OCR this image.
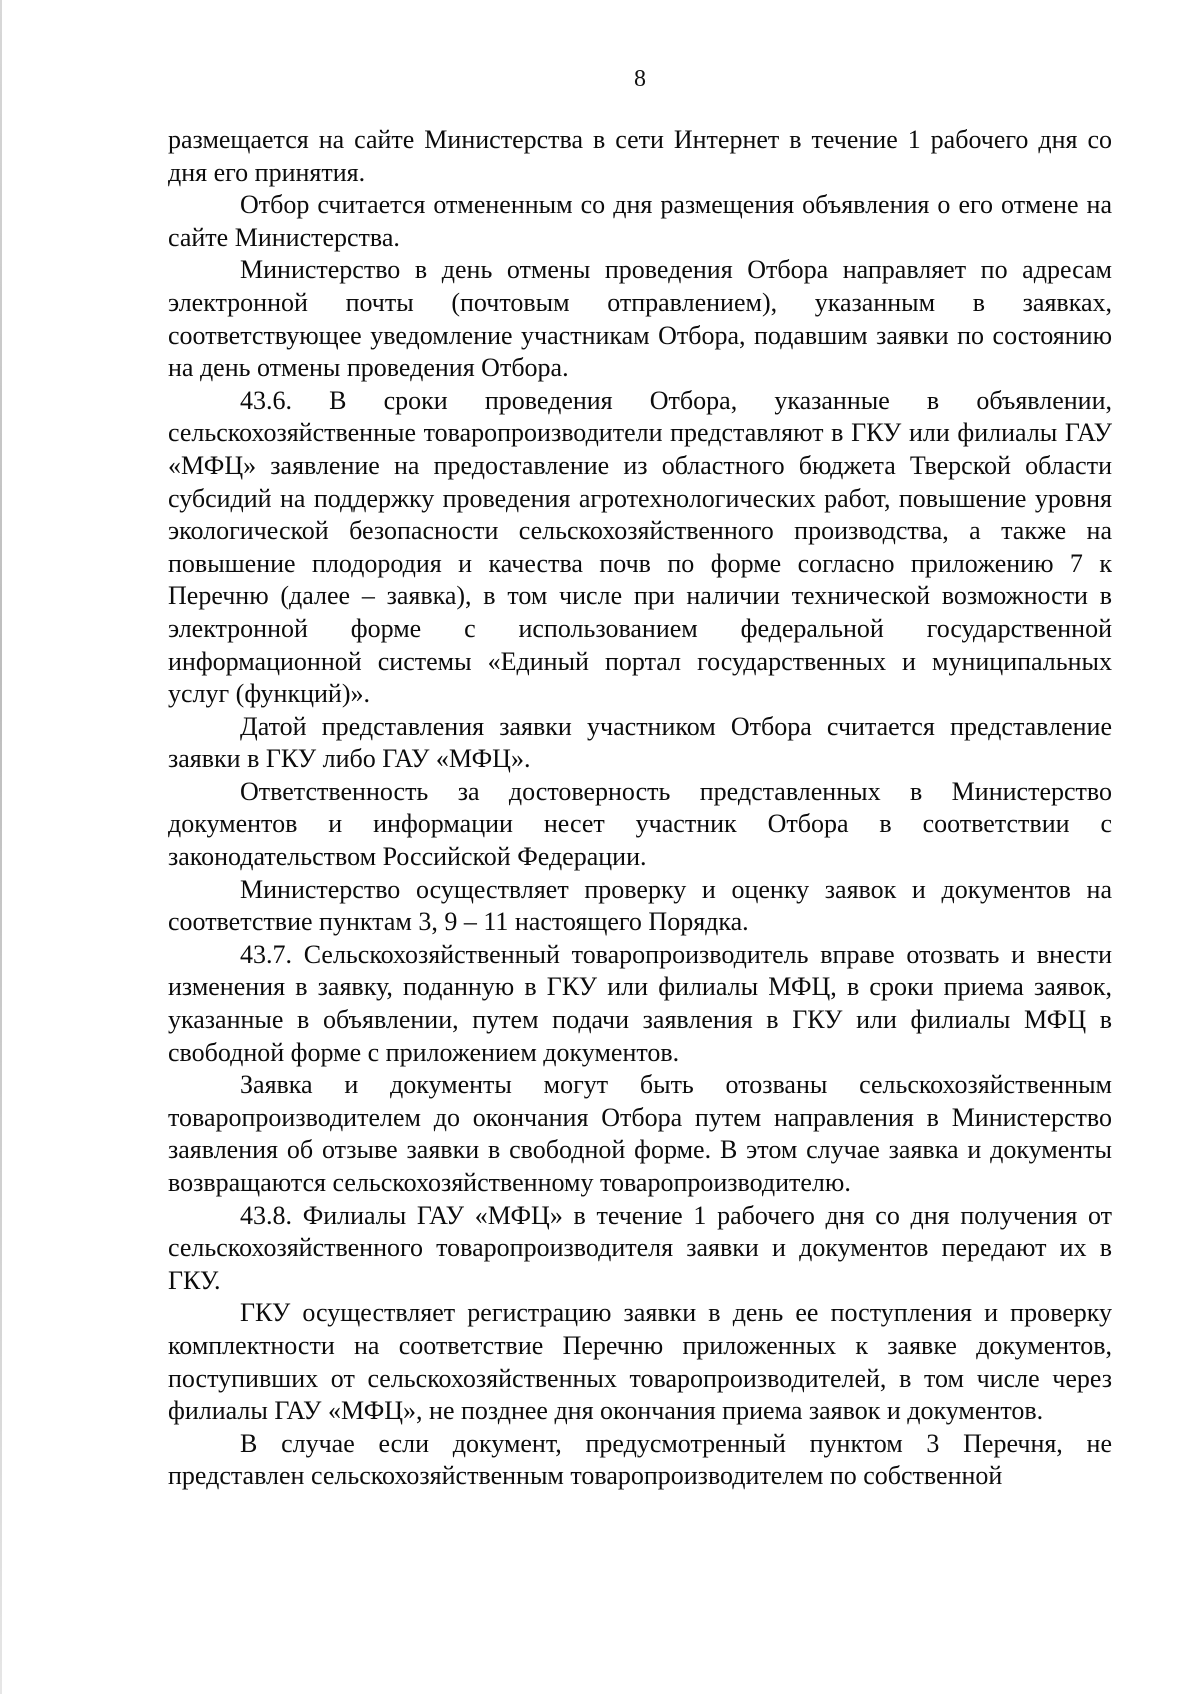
8

размещается на сайте Министерства в сети Интернет в течение 1 рабочего дня со дня его принятия.

Отбор считается отмененным со дня размещения объявления о его отмене на сайте Министерства.

Министерство в день отмены проведения Отбора направляет по адресам электронной почты (почтовым отправлением), указанным в заявках, соответствующее уведомление участникам Отбора, подавшим заявки по состоянию на день отмены проведения Отбора.

43.6. В сроки проведения Отбора, указанные в объявлении, сельскохозяйственные товаропроизводители представляют в ГКУ или филиалы ГАУ «МФЦ» заявление на предоставление из областного бюджета Тверской области субсидий на поддержку проведения агротехнологических работ, повышение уровня экологической безопасности сельскохозяйственного производства, а также на повышение плодородия и качества почв по форме согласно приложению 7 к Перечню (далее – заявка), в том числе при наличии технической возможности в электронной форме с использованием федеральной государственной информационной системы «Единый портал государственных и муниципальных услуг (функций)».

Датой представления заявки участником Отбора считается представление заявки в ГКУ либо ГАУ «МФЦ».

Ответственность за достоверность представленных в Министерство документов и информации несет участник Отбора в соответствии с законодательством Российской Федерации.

Министерство осуществляет проверку и оценку заявок и документов на соответствие пунктам 3, 9 – 11 настоящего Порядка.

43.7. Сельскохозяйственный товаропроизводитель вправе отозвать и внести изменения в заявку, поданную в ГКУ или филиалы МФЦ, в сроки приема заявок, указанные в объявлении, путем подачи заявления в ГКУ или филиалы МФЦ в свободной форме с приложением документов.

Заявка и документы могут быть отозваны сельскохозяйственным товаропроизводителем до окончания Отбора путем направления в Министерство заявления об отзыве заявки в свободной форме. В этом случае заявка и документы возвращаются сельскохозяйственному товаропроизводителю.

43.8. Филиалы ГАУ «МФЦ» в течение 1 рабочего дня со дня получения от сельскохозяйственного товаропроизводителя заявки и документов передают их в ГКУ.

ГКУ осуществляет регистрацию заявки в день ее поступления и проверку комплектности на соответствие Перечню приложенных к заявке документов, поступивших от сельскохозяйственных товаропроизводителей, в том числе через филиалы ГАУ «МФЦ», не позднее дня окончания приема заявок и документов.

В случае если документ, предусмотренный пунктом 3 Перечня, не представлен сельскохозяйственным товаропроизводителем по собственной
